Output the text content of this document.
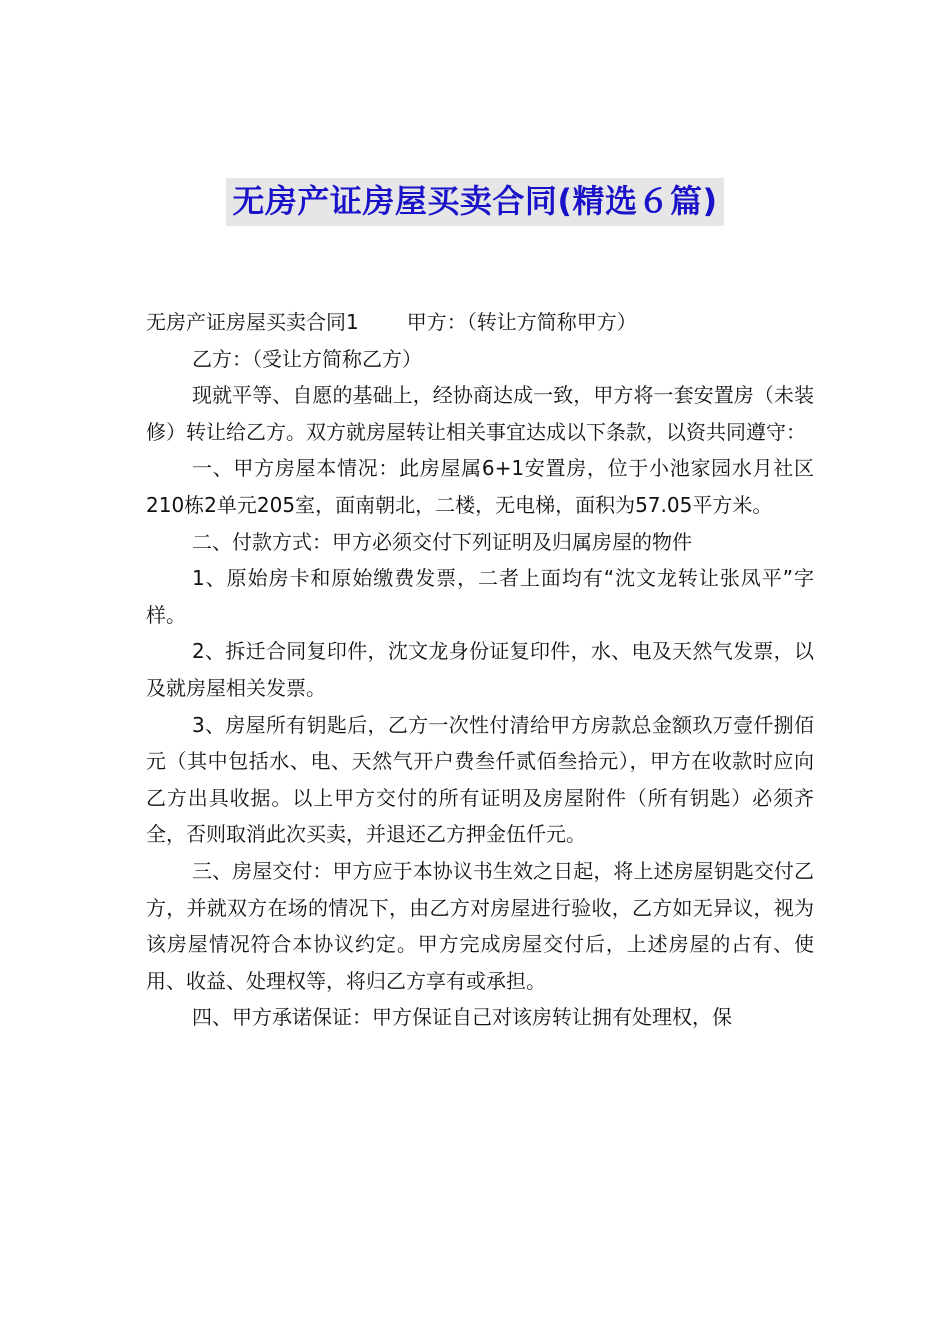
无房产证房屋买卖合同(精选６篇)

无房产证房屋买卖合同1 甲方：（转让方简称甲方）

乙方：（受让方简称乙方）

现就平等、自愿的基础上，经协商达成一致，甲方将一套安置房（未装修）转让给乙方。双方就房屋转让相关事宜达成以下条款，以资共同遵守：

一、甲方房屋本情况：此房屋属6+1安置房，位于小池家园水月社区210栋2单元205室，面南朝北，二楼，无电梯，面积为57.05平方米。

二、付款方式：甲方必须交付下列证明及归属房屋的物件

1、原始房卡和原始缴费发票，二者上面均有“沈文龙转让张凤平”字样。

2、拆迁合同复印件，沈文龙身份证复印件，水、电及天然气发票，以及就房屋相关发票。

3、房屋所有钥匙后，乙方一次性付清给甲方房款总金额玖万壹仟捌佰元（其中包括水、电、天然气开户费叁仟贰佰叁拾元），甲方在收款时应向乙方出具收据。以上甲方交付的所有证明及房屋附件（所有钥匙）必须齐全，否则取消此次买卖，并退还乙方押金伍仟元。

三、房屋交付：甲方应于本协议书生效之日起，将上述房屋钥匙交付乙方，并就双方在场的情况下，由乙方对房屋进行验收，乙方如无异议，视为该房屋情况符合本协议约定。甲方完成房屋交付后，上述房屋的占有、使用、收益、处理权等，将归乙方享有或承担。

四、甲方承诺保证：甲方保证自己对该房转让拥有处理权，保
